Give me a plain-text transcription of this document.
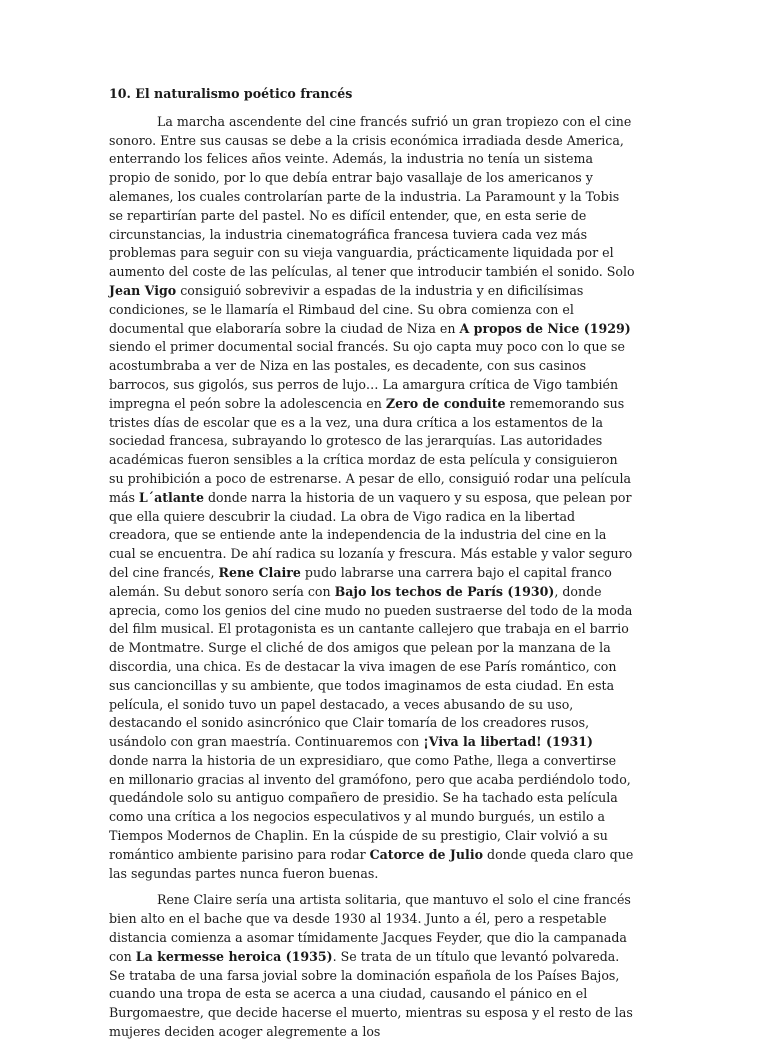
10. El naturalismo poético francés

La marcha ascendente del cine francés sufrió un gran tropiezo con el cine sonoro. Entre sus causas se debe a la crisis económica irradiada desde America, enterrando los felices años veinte. Además, la industria no tenía un sistema propio de sonido, por lo que debía entrar bajo vasallaje de los americanos y alemanes, los cuales controlarían parte de la industria. La Paramount y la Tobis se repartirían parte del pastel. No es difícil entender, que, en esta serie de circunstancias, la industria cinematográfica francesa tuviera cada vez más problemas para seguir con su vieja vanguardia, prácticamente liquidada por el aumento del coste de las películas, al tener que introducir también el sonido. Solo Jean Vigo consiguió sobrevivir a espadas de la industria y en dificilísimas condiciones, se le llamaría el Rimbaud del cine. Su obra comienza con el documental que elaboraría sobre la ciudad de Niza en A propos de Nice (1929) siendo el primer documental social francés. Su ojo capta muy poco con lo que se acostumbraba a ver de Niza en las postales, es decadente, con sus casinos barrocos, sus gigolós, sus perros de lujo… La amargura crítica de Vigo también impregna el peón sobre la adolescencia en Zero de conduite rememorando sus tristes días de escolar que es a la vez, una dura crítica a los estamentos de la sociedad francesa, subrayando lo grotesco de las jerarquías. Las autoridades académicas fueron sensibles a la crítica mordaz de esta película y consiguieron su prohibición a poco de estrenarse. A pesar de ello, consiguió rodar una película más L´atlante donde narra la historia de un vaquero y su esposa, que pelean por que ella quiere descubrir la ciudad. La obra de Vigo radica en la libertad creadora, que se entiende ante la independencia de la industria del cine en la cual se encuentra. De ahí radica su lozanía y frescura. Más estable y valor seguro del cine francés, Rene Claire pudo labrarse una carrera bajo el capital franco alemán. Su debut sonoro sería con Bajo los techos de París (1930), donde aprecia, como los genios del cine mudo no pueden sustraerse del todo de la moda del film musical. El protagonista es un cantante callejero que trabaja en el barrio de Montmatre. Surge el cliché de dos amigos que pelean por la manzana de la discordia, una chica. Es de destacar la viva imagen de ese París romántico, con sus cancioncillas y su ambiente, que todos imaginamos de esta ciudad. En esta película, el sonido tuvo un papel destacado, a veces abusando de su uso, destacando el sonido asincrónico que Clair tomaría de los creadores rusos, usándolo con gran maestría. Continuaremos con ¡Viva la libertad! (1931) donde narra la historia de un expresidiaro, que como Pathe, llega a convertirse en millonario gracias al invento del gramófono, pero que acaba perdiéndolo todo, quedándole solo su antiguo compañero de presidio. Se ha tachado esta película como una crítica a los negocios especulativos y al mundo burgués, un estilo a Tiempos Modernos de Chaplin. En la cúspide de su prestigio, Clair volvió a su romántico ambiente parisino para rodar Catorce de Julio donde queda claro que las segundas partes nunca fueron buenas.

Rene Claire sería una artista solitaria, que mantuvo el solo el cine francés bien alto en el bache que va desde 1930 al 1934. Junto a él, pero a respetable distancia comienza a asomar tímidamente Jacques Feyder, que dio la campanada con La kermesse heroica (1935). Se trata de un título que levantó polvareda. Se trataba de una farsa jovial sobre la dominación española de los Países Bajos, cuando una tropa de esta se acerca a una ciudad, causando el pánico en el Burgomaestre, que decide hacerse el muerto, mientras su esposa y el resto de las mujeres deciden acoger alegremente a los
